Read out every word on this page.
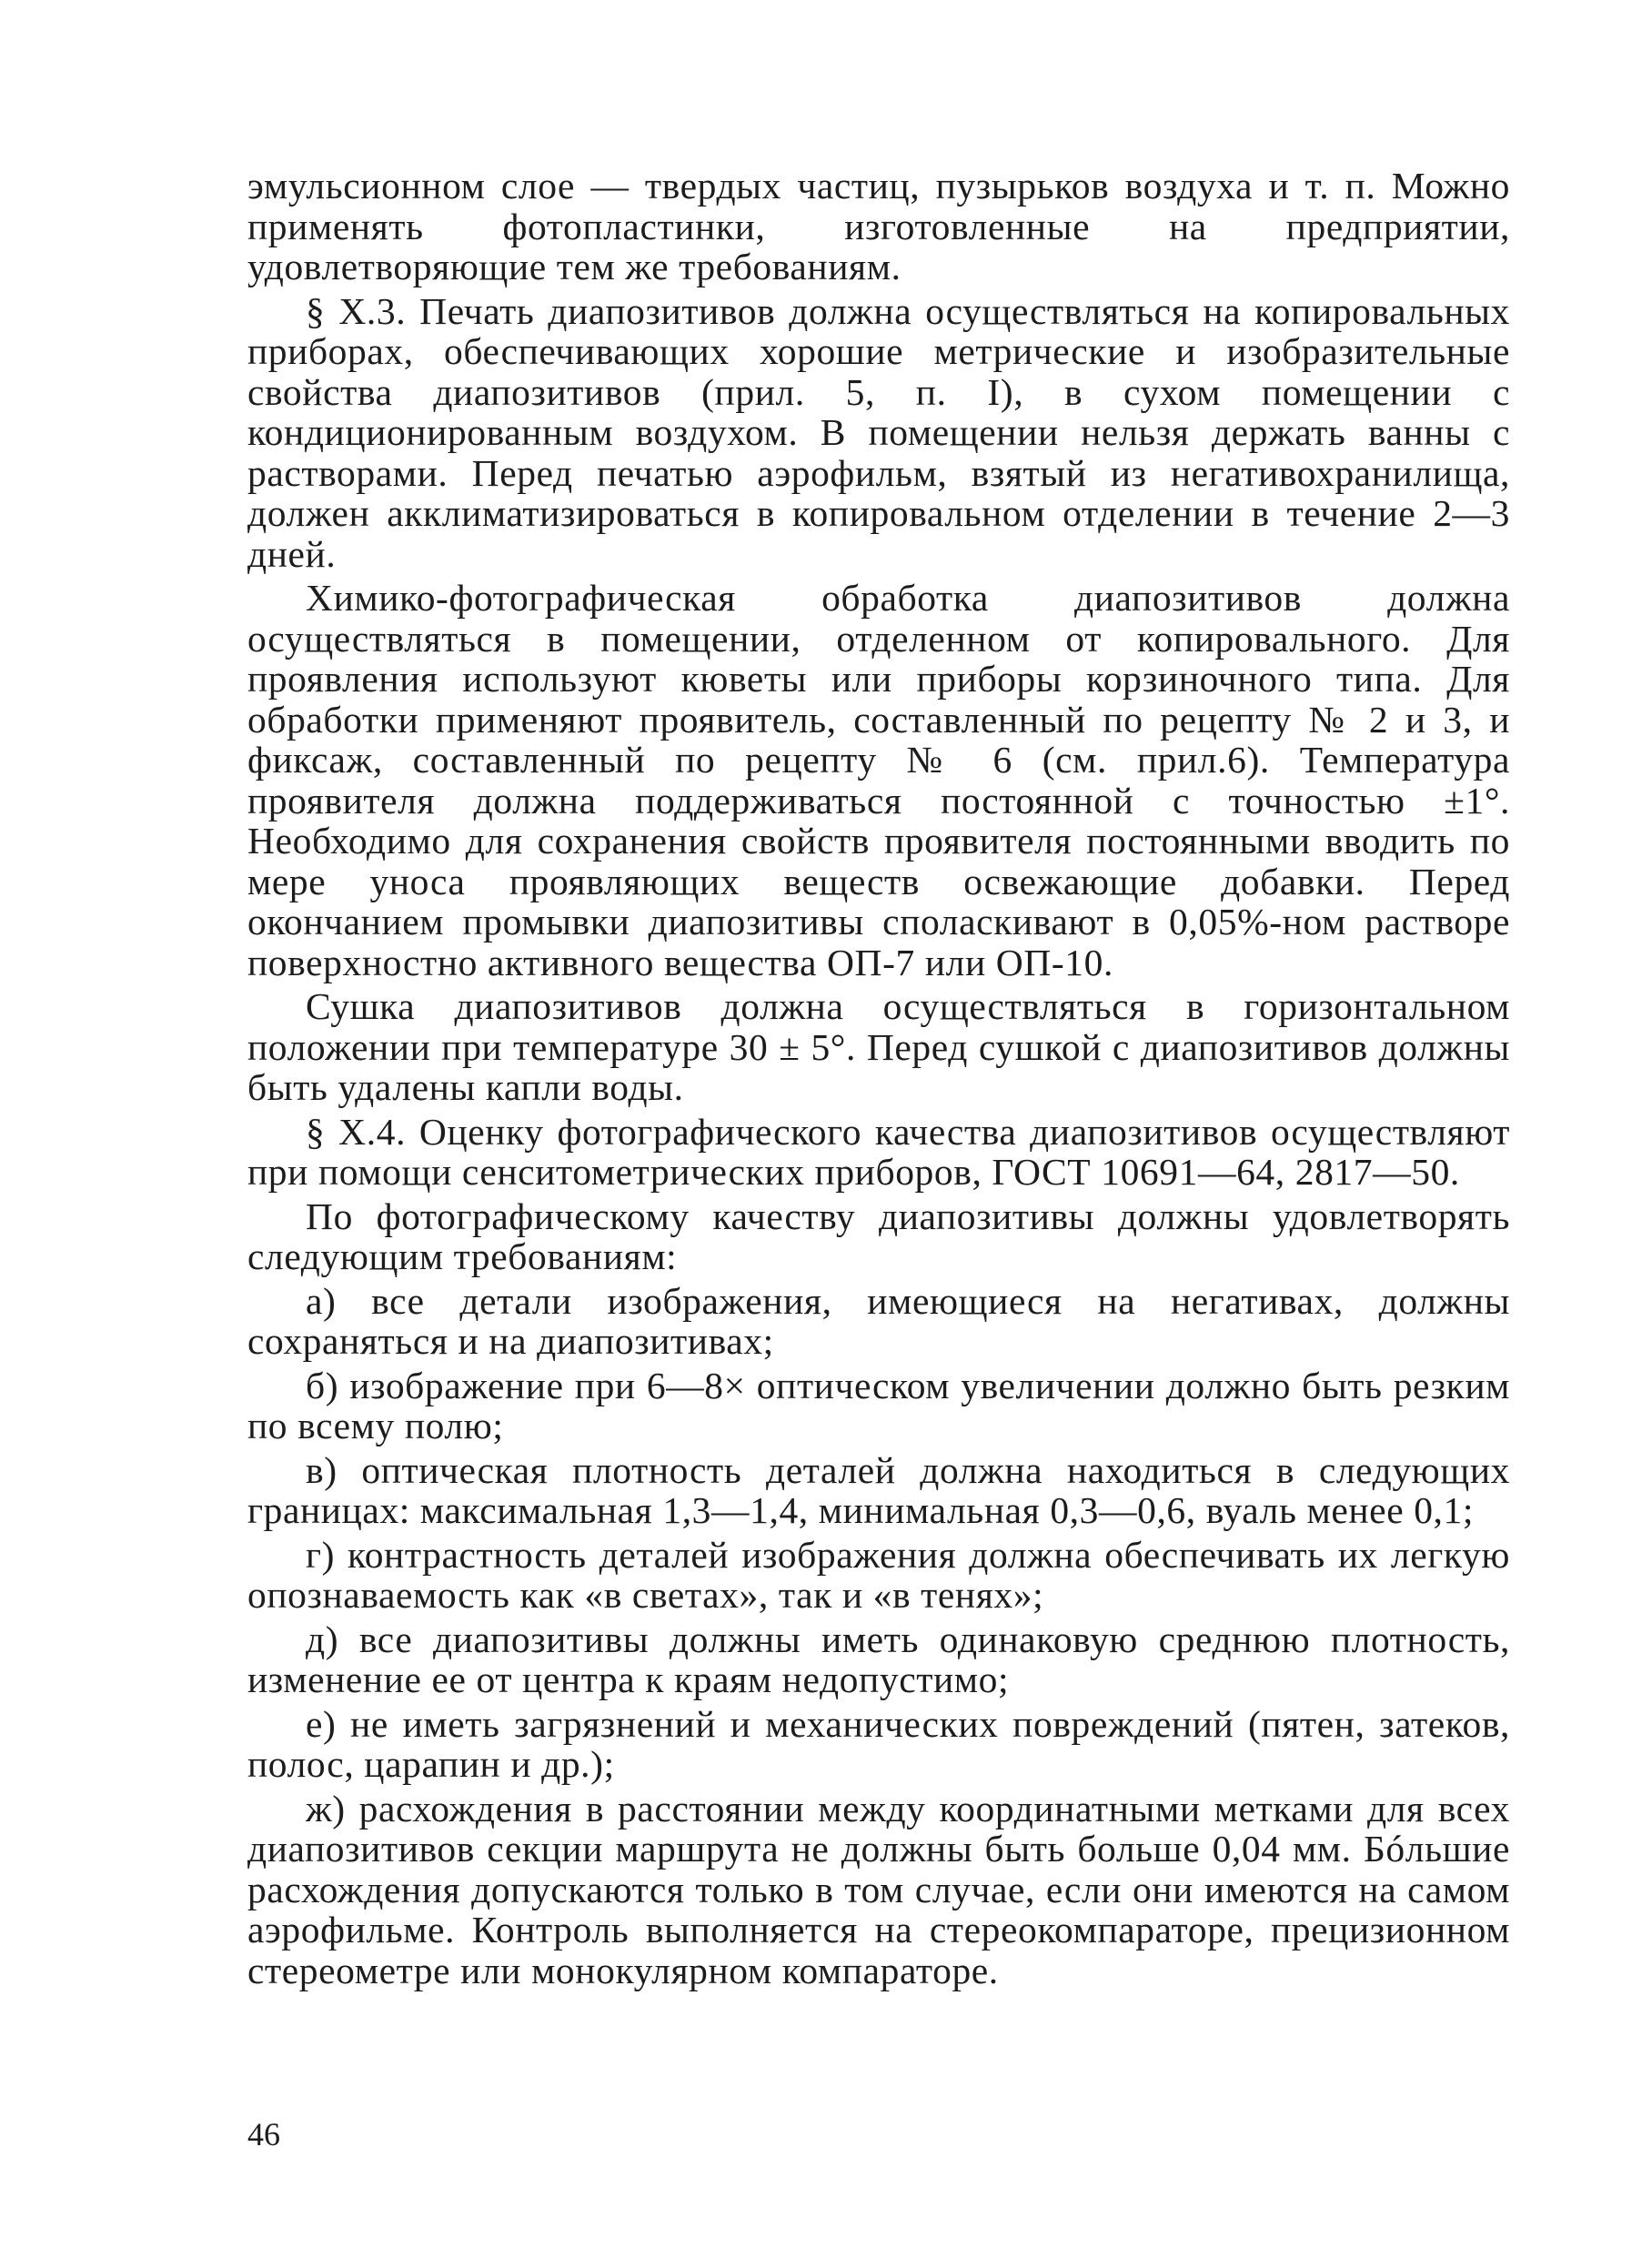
эмульсионном слое — твердых частиц, пузырьков воздуха и т. п. Можно применять фотопластинки, изготовленные на предприятии, удовлетворяющие тем же требованиям.

§ X.3. Печать диапозитивов должна осуществляться на копировальных приборах, обеспечивающих хорошие метрические и изобразительные свойства диапозитивов (прил. 5, п. I), в сухом помещении с кондиционированным воздухом. В помещении нельзя держать ванны с растворами. Перед печатью аэрофильм, взятый из негативохранилища, должен акклиматизироваться в копировальном отделении в течение 2—3 дней.

Химико-фотографическая обработка диапозитивов должна осуществляться в помещении, отделенном от копировального. Для проявления используют кюветы или приборы корзиночного типа. Для обработки применяют проявитель, составленный по рецепту № 2 и 3, и фиксаж, составленный по рецепту № 6 (см. прил.6). Температура проявителя должна поддерживаться постоянной с точностью ±1°. Необходимо для сохранения свойств проявителя постоянными вводить по мере уноса проявляющих веществ освежающие добавки. Перед окончанием промывки диапозитивы споласкивают в 0,05%-ном растворе поверхностно активного вещества ОП-7 или ОП-10.

Сушка диапозитивов должна осуществляться в горизонтальном положении при температуре 30 ± 5°. Перед сушкой с диапозитивов должны быть удалены капли воды.

§ X.4. Оценку фотографического качества диапозитивов осуществляют при помощи сенситометрических приборов, ГОСТ 10691—64, 2817—50.

По фотографическому качеству диапозитивы должны удовлетворять следующим требованиям:

а) все детали изображения, имеющиеся на негативах, должны сохраняться и на диапозитивах;

б) изображение при 6—8× оптическом увеличении должно быть резким по всему полю;

в) оптическая плотность деталей должна находиться в следующих границах: максимальная 1,3—1,4, минимальная 0,3—0,6, вуаль менее 0,1;

г) контрастность деталей изображения должна обеспечивать их легкую опознаваемость как «в светах», так и «в тенях»;

д) все диапозитивы должны иметь одинаковую среднюю плотность, изменение ее от центра к краям недопустимо;

е) не иметь загрязнений и механических повреждений (пятен, затеков, полос, царапин и др.);

ж) расхождения в расстоянии между координатными метками для всех диапозитивов секции маршрута не должны быть больше 0,04 мм. Бóльшие расхождения допускаются только в том случае, если они имеются на самом аэрофильме. Контроль выполняется на стереокомпараторе, прецизионном стереометре или монокулярном компараторе.

46
